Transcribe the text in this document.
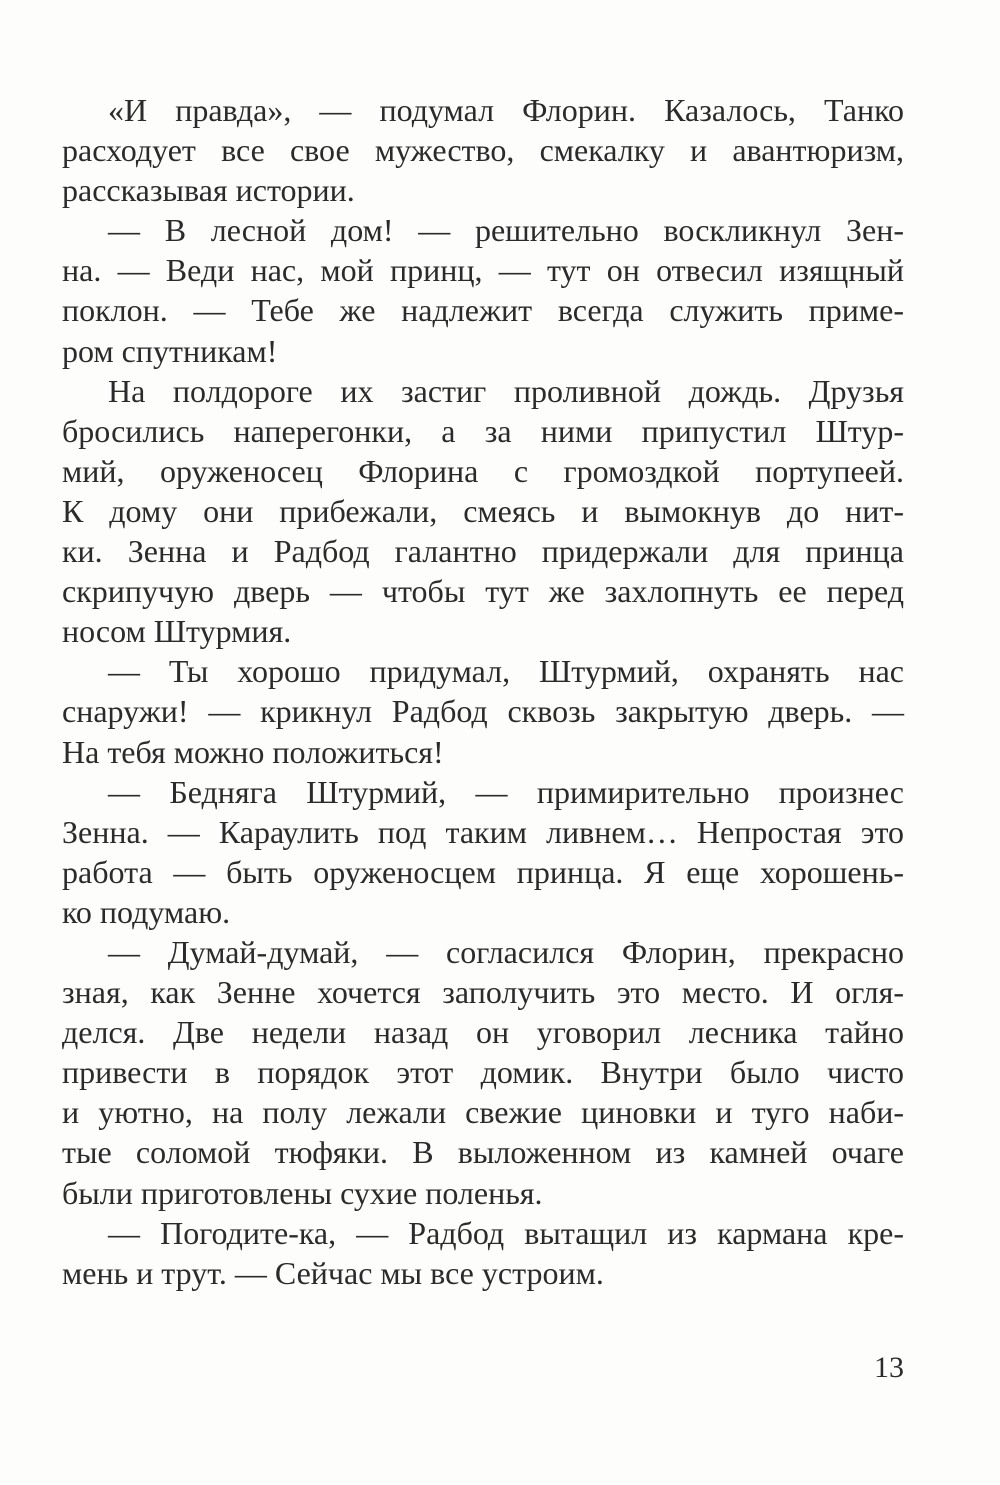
«И правда», — подумал Флорин. Казалось, Танко
расходует все свое мужество, смекалку и авантюризм,
рассказывая истории.
— В лесной дом! — решительно воскликнул Зен-
на. — Веди нас, мой принц, — тут он отвесил изящный
поклон. — Тебе же надлежит всегда служить приме-
ром спутникам!
На полдороге их застиг проливной дождь. Друзья
бросились наперегонки, а за ними припустил Штур-
мий, оруженосец Флорина с громоздкой портупеей.
К дому они прибежали, смеясь и вымокнув до нит-
ки. Зенна и Радбод галантно придержали для принца
скрипучую дверь — чтобы тут же захлопнуть ее перед
носом Штурмия.
— Ты хорошо придумал, Штурмий, охранять нас
снаружи! — крикнул Радбод сквозь закрытую дверь. —
На тебя можно положиться!
— Бедняга Штурмий, — примирительно произнес
Зенна. — Караулить под таким ливнем… Непростая это
работа — быть оруженосцем принца. Я еще хорошень-
ко подумаю.
— Думай-думай, — согласился Флорин, прекрасно
зная, как Зенне хочется заполучить это место. И огля-
делся. Две недели назад он уговорил лесника тайно
привести в порядок этот домик. Внутри было чисто
и уютно, на полу лежали свежие циновки и туго наби-
тые соломой тюфяки. В выложенном из камней очаге
были приготовлены сухие поленья.
— Погодите-ка, — Радбод вытащил из кармана кре-
мень и трут. — Сейчас мы все устроим.
13
